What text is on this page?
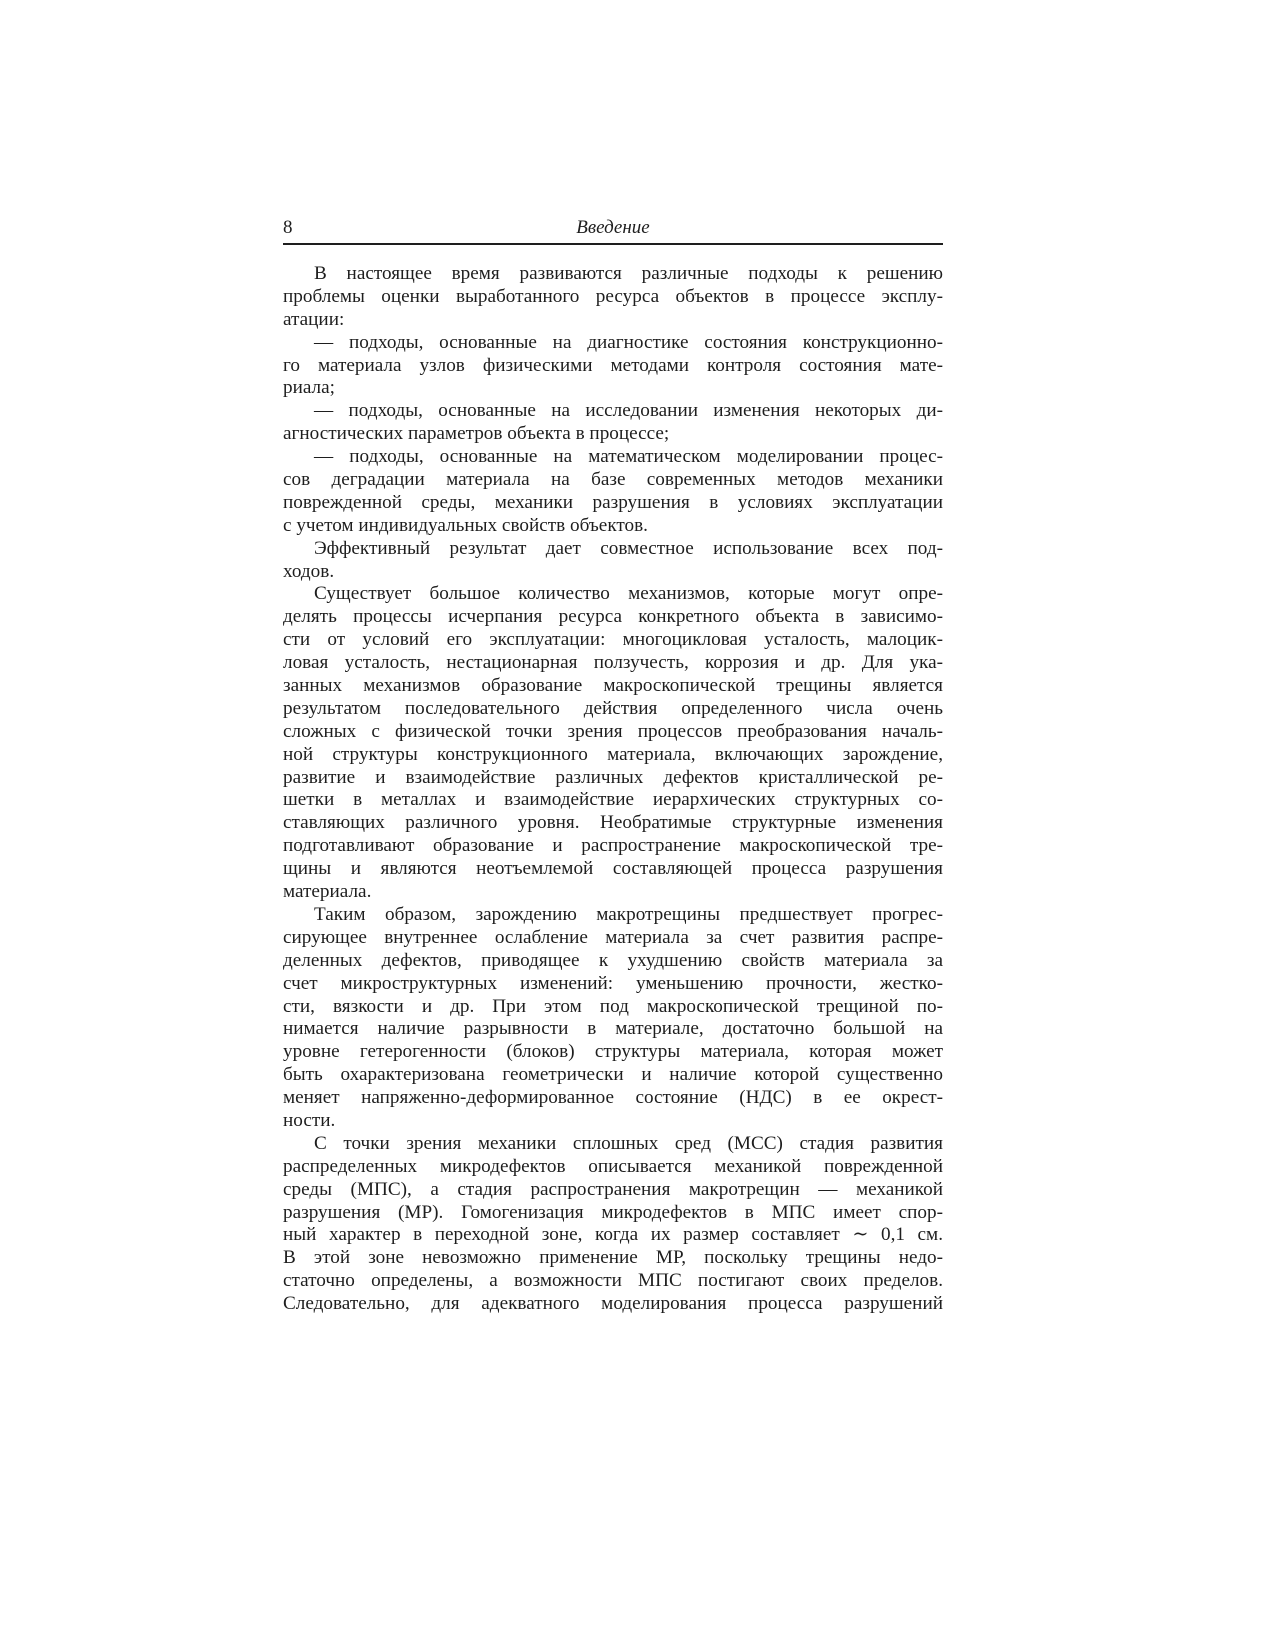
8	Введение
В настоящее время развиваются различные подходы к решению
проблемы оценки выработанного ресурса объектов в процессе эксплу-
атации:
— подходы, основанные на диагностике состояния конструкционно-
го материала узлов физическими методами контроля состояния мате-
риала;
— подходы, основанные на исследовании изменения некоторых ди-
агностических параметров объекта в процессе;
— подходы, основанные на математическом моделировании процес-
сов деградации материала на базе современных методов механики
поврежденной среды, механики разрушения в условиях эксплуатации
с учетом индивидуальных свойств объектов.
Эффективный результат дает совместное использование всех под-
ходов.
Существует большое количество механизмов, которые могут опре-
делять процессы исчерпания ресурса конкретного объекта в зависимо-
сти от условий его эксплуатации: многоцикловая усталость, малоцик-
ловая усталость, нестационарная ползучесть, коррозия и др. Для ука-
занных механизмов образование макроскопической трещины является
результатом последовательного действия определенного числа очень
сложных с физической точки зрения процессов преобразования началь-
ной структуры конструкционного материала, включающих зарождение,
развитие и взаимодействие различных дефектов кристаллической ре-
шетки в металлах и взаимодействие иерархических структурных со-
ставляющих различного уровня. Необратимые структурные изменения
подготавливают образование и распространение макроскопической тре-
щины и являются неотъемлемой составляющей процесса разрушения
материала.
Таким образом, зарождению макротрещины предшествует прогрес-
сирующее внутреннее ослабление материала за счет развития распре-
деленных дефектов, приводящее к ухудшению свойств материала за
счет микроструктурных изменений: уменьшению прочности, жестко-
сти, вязкости и др. При этом под макроскопической трещиной по-
нимается наличие разрывности в материале, достаточно большой на
уровне гетерогенности (блоков) структуры материала, которая может
быть охарактеризована геометрически и наличие которой существенно
меняет напряженно-деформированное состояние (НДС) в ее окрест-
ности.
С точки зрения механики сплошных сред (МСС) стадия развития
распределенных микродефектов описывается механикой поврежденной
среды (МПС), а стадия распространения макротрещин — механикой
разрушения (МР). Гомогенизация микродефектов в МПС имеет спор-
ный характер в переходной зоне, когда их размер составляет ∼ 0,1 см.
В этой зоне невозможно применение МР, поскольку трещины недо-
статочно определены, а возможности МПС постигают своих пределов.
Следовательно, для адекватного моделирования процесса разрушений
